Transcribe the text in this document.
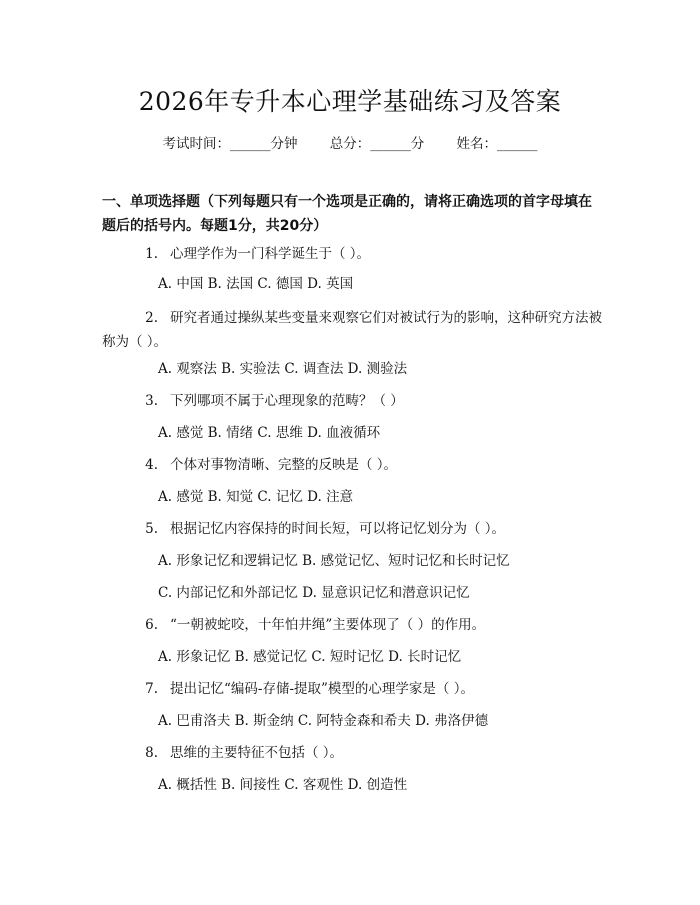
2026年专升本心理学基础练习及答案
考试时间：______分钟 总分：______分 姓名：______
一、单项选择题（下列每题只有一个选项是正确的，请将正确选项的首字母填在题后的括号内。每题1分，共20分）
1. 心理学作为一门科学诞生于（ ）。
A. 中国 B. 法国 C. 德国 D. 英国
2. 研究者通过操纵某些变量来观察它们对被试行为的影响，这种研究方法被称为（ ）。
A. 观察法 B. 实验法 C. 调查法 D. 测验法
3. 下列哪项不属于心理现象的范畴？（ ）
A. 感觉 B. 情绪 C. 思维 D. 血液循环
4. 个体对事物清晰、完整的反映是（ ）。
A. 感觉 B. 知觉 C. 记忆 D. 注意
5. 根据记忆内容保持的时间长短，可以将记忆划分为（ ）。
A. 形象记忆和逻辑记忆 B. 感觉记忆、短时记忆和长时记忆
C. 内部记忆和外部记忆 D. 显意识记忆和潜意识记忆
6. “一朝被蛇咬，十年怕井绳”主要体现了（ ）的作用。
A. 形象记忆 B. 感觉记忆 C. 短时记忆 D. 长时记忆
7. 提出记忆“编码-存储-提取”模型的心理学家是（ ）。
A. 巴甫洛夫 B. 斯金纳 C. 阿特金森和希夫 D. 弗洛伊德
8. 思维的主要特征不包括（ ）。
A. 概括性 B. 间接性 C. 客观性 D. 创造性
